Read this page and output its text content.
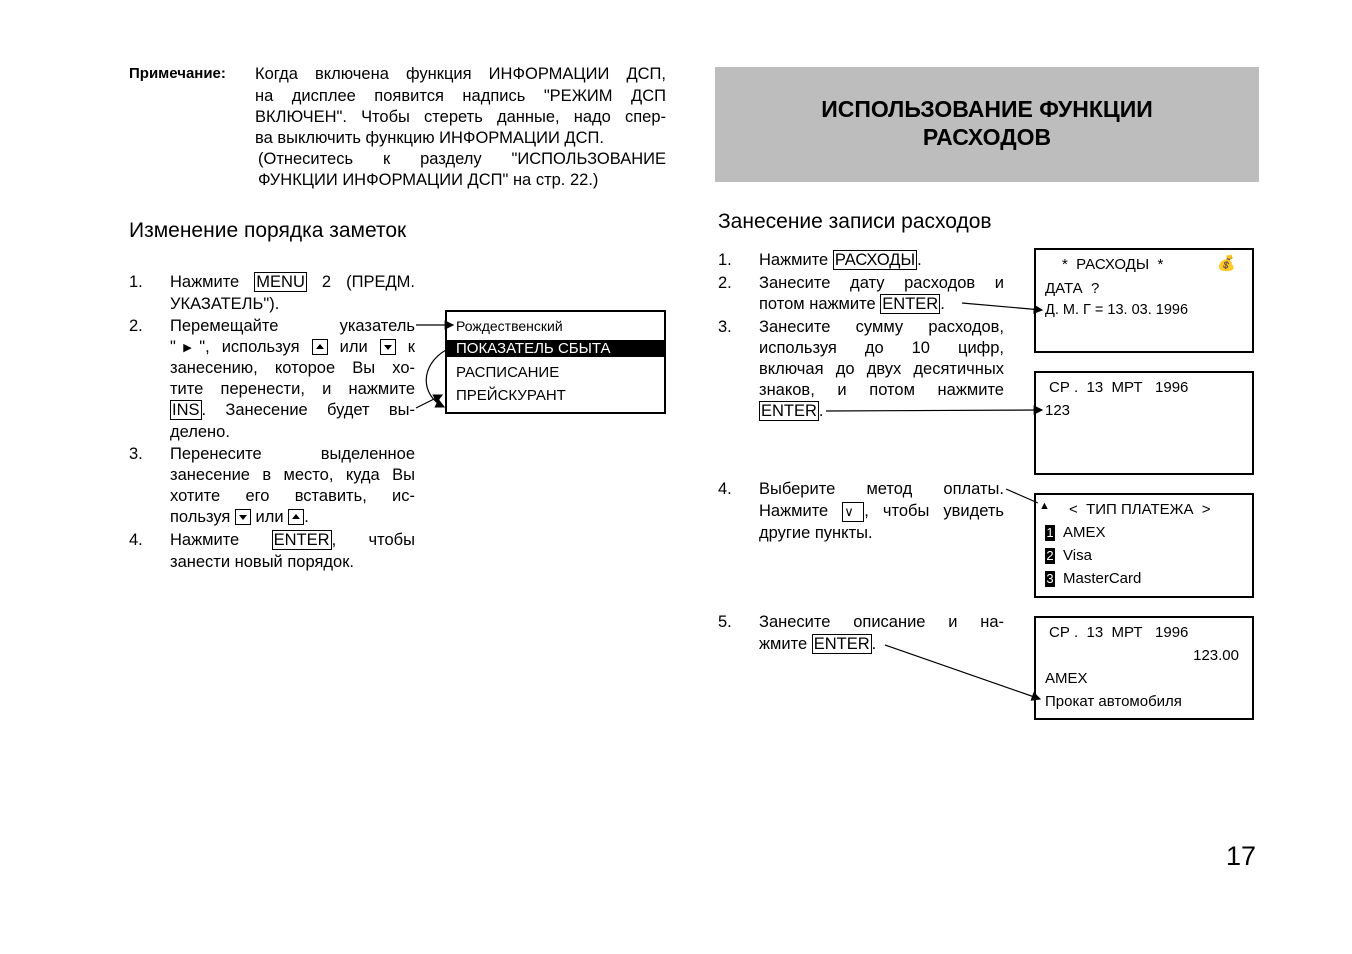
Примечание: Когда включена функция ИНФОРМАЦИИ ДСП,
на дисплее появится надпись "РЕЖИМ ДСП
ВКЛЮЧЕН". Чтобы стереть данные, надо спер-
ва выключить функцию ИНФОРМАЦИИ ДСП.
(Отнеситесь к разделу "ИСПОЛЬЗОВАНИЕ
ФУНКЦИИ ИНФОРМАЦИИ ДСП" на стр. 22.)
Изменение порядка заметок
1. Нажмите MENU 2 (ПРЕДМ.
УКАЗАТЕЛЬ").
2. Перемещайте указатель
"▶", используя или к
занесению, которое Вы хо-
тите перенести, и нажмите
INS . Занесение будет вы-
делено.
3. Перенесите выделенное
занесение в место, куда Вы
хотите его вставить, ис-
пользуя или .
4. Нажмите ENTER , чтобы
занести новый порядок.
Рождественский
ПОКАЗАТЕЛЬ СБЫТА
РАСПИСАНИЕ
ПРЕЙСКУРАНТ
ИСПОЛЬЗОВАНИЕ ФУНКЦИИ
РАСХОДОВ
Занесение записи расходов
1. Нажмите РАСХОДЫ .
2. Занесите дату расходов и
потом нажмите ENTER .
3. Занесите сумму расходов,
используя до 10 цифр,
включая до двух десятичных
знаков, и потом нажмите
ENTER .
4. Выберите метод оплаты.
Нажмите ∨ , чтобы увидеть
другие пункты.
5. Занесите описание и на-
жмите ENTER .
*  РАСХОДЫ  *	💰
ДАТА  ?
Д. М. Г = 13. 03. 1996
СР .  13  МРТ   1996
123
▲ <  ТИП ПЛАТЕЖА  >
1 AMEX
2 Visa
3 MasterCard
СР .  13  МРТ   1996
123.00
AMEX
Прокат автомобиля
17
